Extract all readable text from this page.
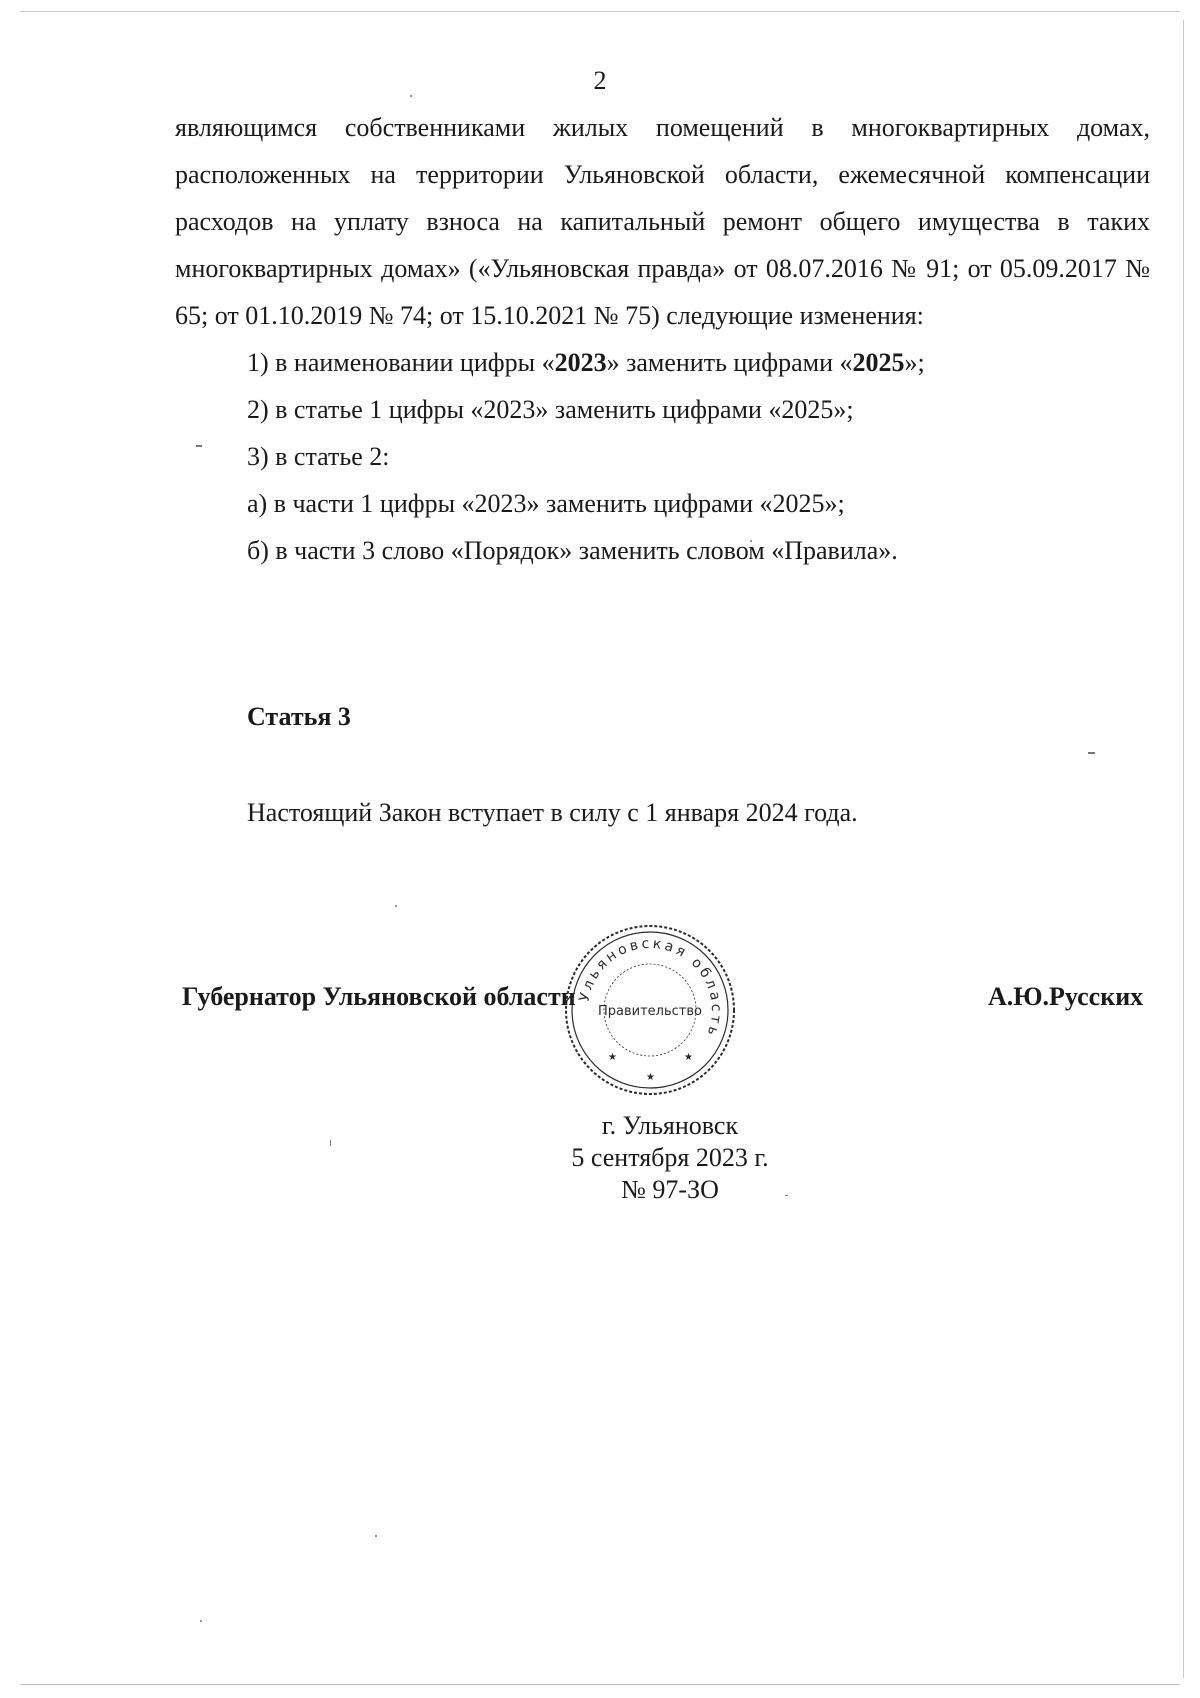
2

являющимся собственниками жилых помещений в многоквартирных домах, расположенных на территории Ульяновской области, ежемесячной компенсации расходов на уплату взноса на капитальный ремонт общего имущества в таких многоквартирных домах» («Ульяновская правда» от 08.07.2016 № 91; от 05.09.2017 № 65; от 01.10.2019 № 74; от 15.10.2021 № 75) следующие изменения:

1) в наименовании цифры «2023» заменить цифрами «2025»;

2) в статье 1 цифры «2023» заменить цифрами «2025»;

3) в статье 2:

а) в части 1 цифры «2023» заменить цифрами «2025»;

б) в части 3 слово «Порядок» заменить словом «Правила».

Статья 3
Настоящий Закон вступает в силу с 1 января 2024 года.
Губернатор Ульяновской области	А.Ю.Русских
Ульяновская область
Правительство
★	★
★
г. Ульяновск
5 сентября 2023 г.
№ 97-ЗО
